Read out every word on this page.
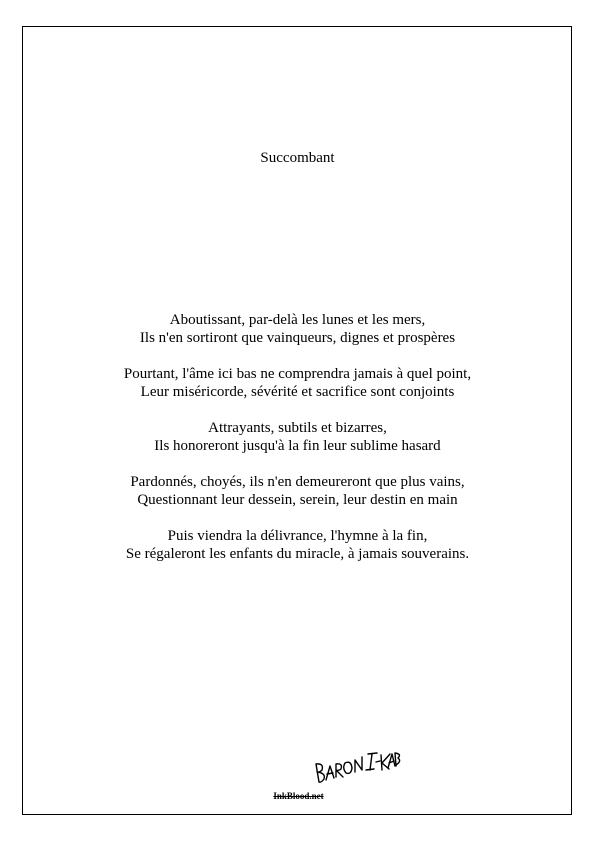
Succombant
Aboutissant, par-delà les lunes et les mers,
Ils n'en sortiront que vainqueurs, dignes et prospères
Pourtant, l'âme ici bas ne comprendra jamais à quel point,
Leur miséricorde, sévérité et sacrifice sont conjoints
Attrayants, subtils et bizarres,
Ils honoreront jusqu'à la fin leur sublime hasard
Pardonnés, choyés, ils n'en demeureront que plus vains,
Questionnant leur dessein, serein, leur destin en main
Puis viendra la délivrance, l'hymne à la fin,
Se régaleront les enfants du miracle, à jamais souverains.
InkBlood.net
